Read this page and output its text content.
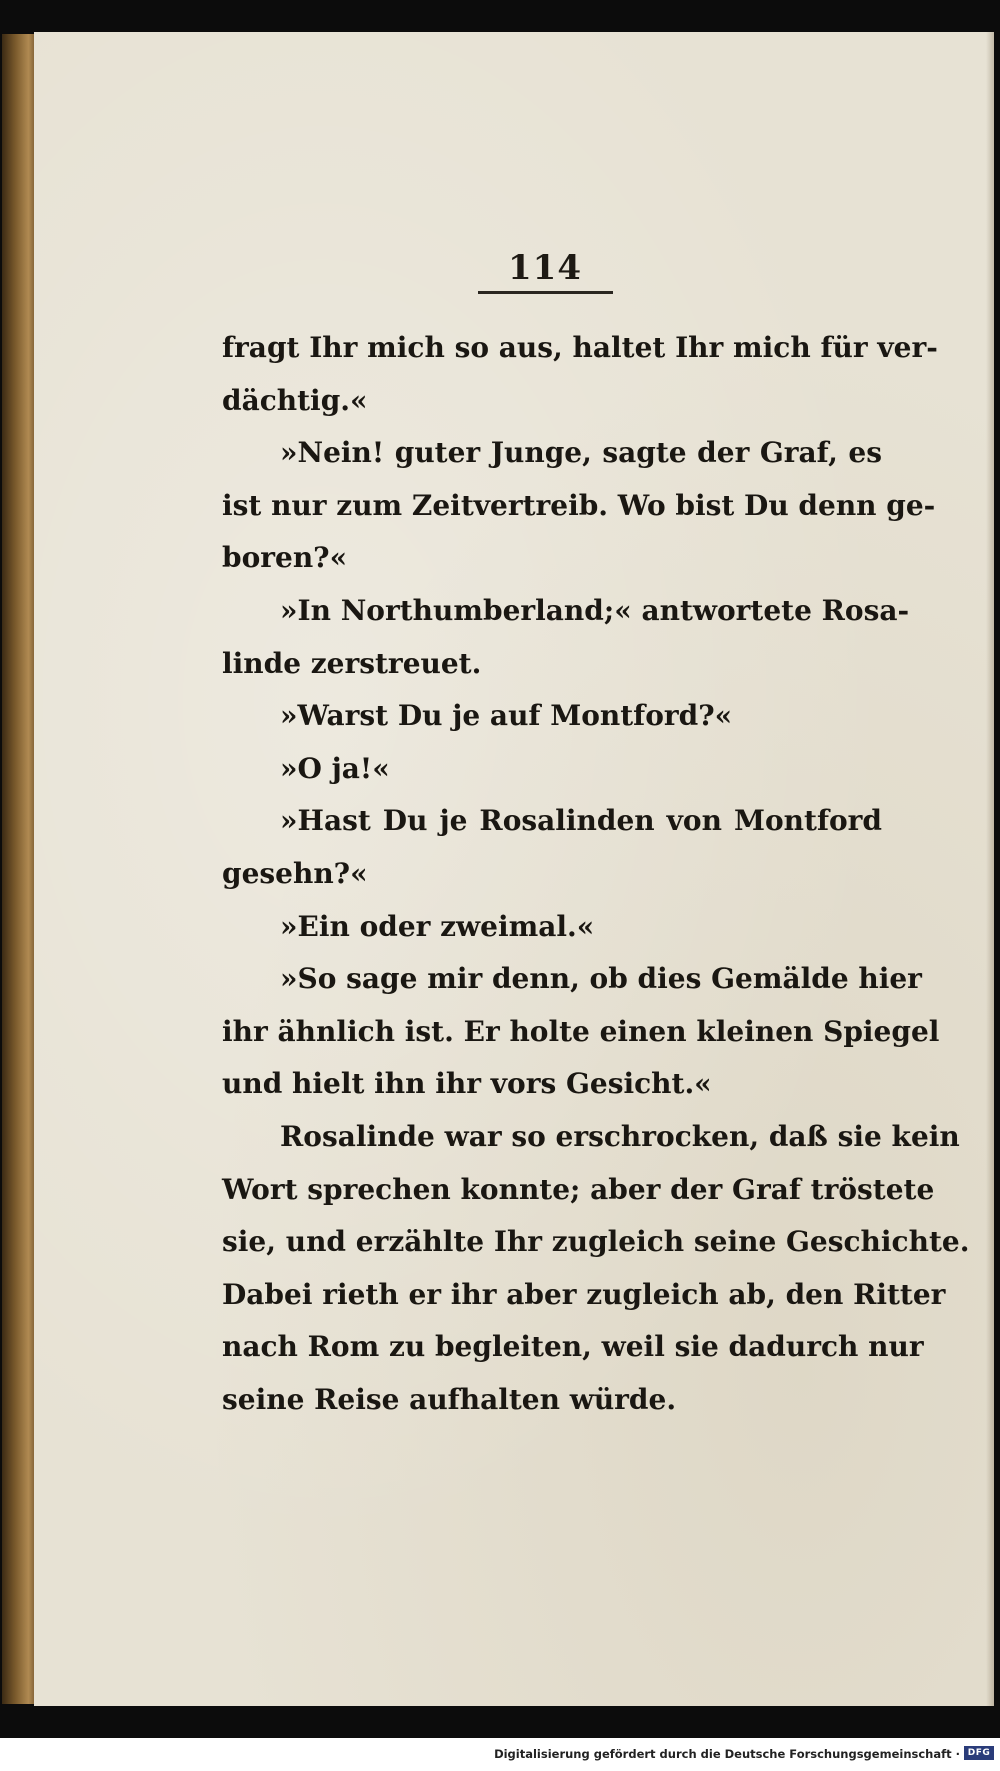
114
fragt Ihr mich so aus, haltet Ihr mich für ver-
dächtig.«
»Nein! guter Junge, sagte der Graf, es
ist nur zum Zeitvertreib. Wo bist Du denn ge-
boren?«
»In Northumberland;« antwortete Rosa-
linde zerstreuet.
»Warst Du je auf Montford?«
»O ja!«
»Hast Du je Rosalinden von Montford
gesehn?«
»Ein oder zweimal.«
»So sage mir denn, ob dies Gemälde hier
ihr ähnlich ist. Er holte einen kleinen Spiegel
und hielt ihn ihr vors Gesicht.«
Rosalinde war so erschrocken, daß sie kein
Wort sprechen konnte; aber der Graf tröstete
sie, und erzählte Ihr zugleich seine Geschichte.
Dabei rieth er ihr aber zugleich ab, den Ritter
nach Rom zu begleiten, weil sie dadurch nur
seine Reise aufhalten würde.
Digitalisierung gefördert durch die Deutsche Forschungsgemeinschaft · DFG
